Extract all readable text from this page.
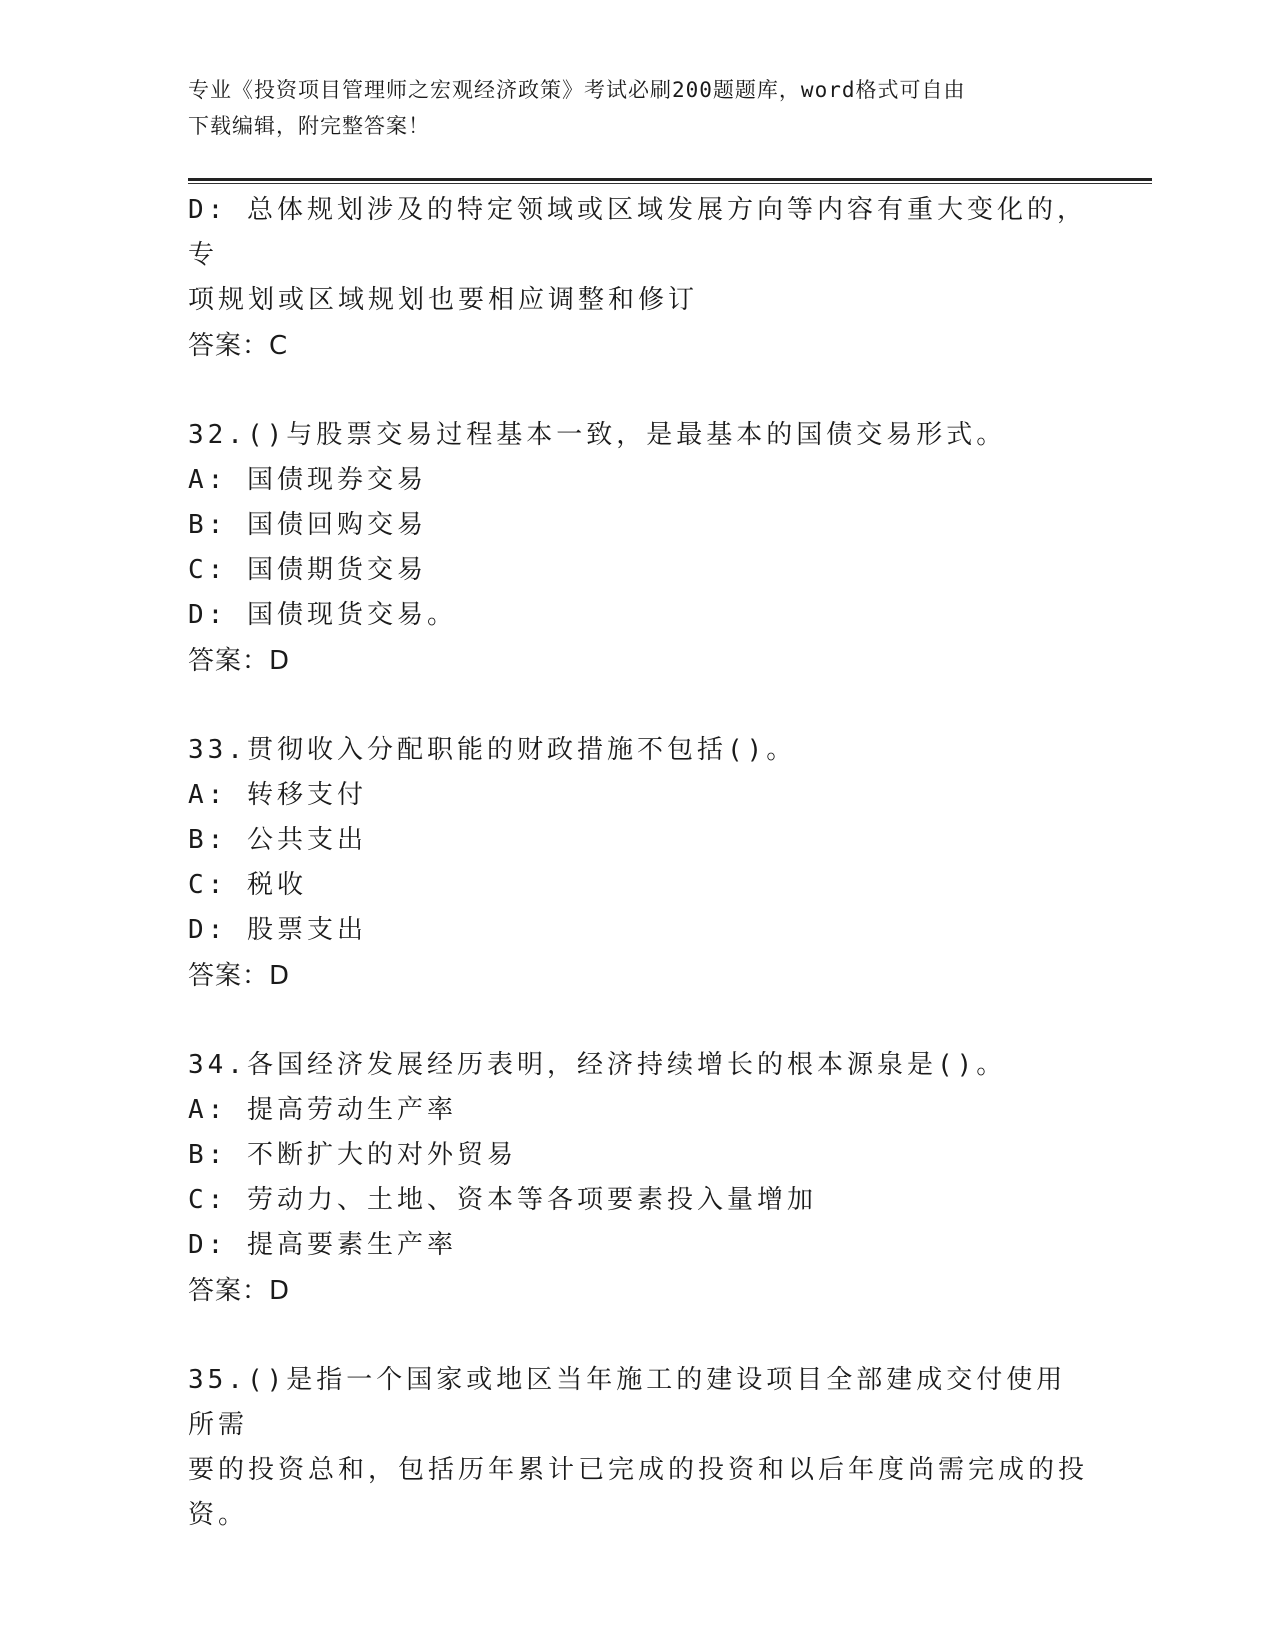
专业《投资项目管理师之宏观经济政策》考试必刷200题题库，word格式可自由
下载编辑，附完整答案！

D: 总体规划涉及的特定领域或区域发展方向等内容有重大变化的，专

项规划或区域规划也要相应调整和修订

答案：C

32.()与股票交易过程基本一致，是最基本的国债交易形式。

A: 国债现券交易

B: 国债回购交易

C: 国债期货交易

D: 国债现货交易。

答案：D

33.贯彻收入分配职能的财政措施不包括()。

A: 转移支付

B: 公共支出

C: 税收

D: 股票支出

答案：D

34.各国经济发展经历表明，经济持续增长的根本源泉是()。

A: 提高劳动生产率

B: 不断扩大的对外贸易

C: 劳动力、土地、资本等各项要素投入量增加

D: 提高要素生产率

答案：D

35.()是指一个国家或地区当年施工的建设项目全部建成交付使用所需

要的投资总和，包括历年累计已完成的投资和以后年度尚需完成的投

资。
